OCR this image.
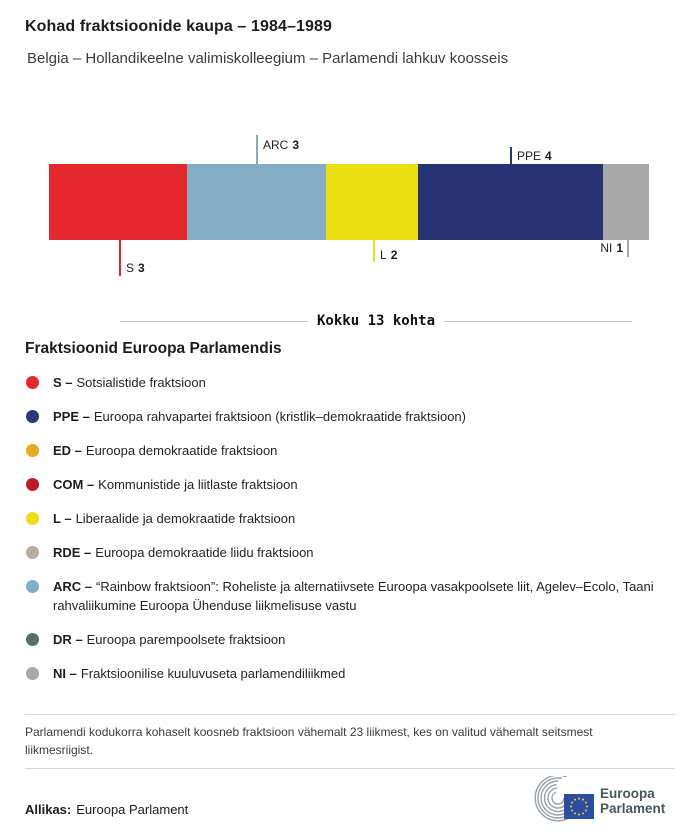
Kohad fraktsioonide kaupa – 1984–1989
Belgia – Hollandikeelne valimiskolleegium – Parlamendi lahkuv koosseis
ARC 3
PPE 4
S 3
L 2	NI 1
Kokku 13 kohta
Fraktsioonid Euroopa Parlamendis
S – Sotsialistide fraktsioon
PPE – Euroopa rahvapartei fraktsioon (kristlik–demokraatide fraktsioon)
ED – Euroopa demokraatide fraktsioon
COM – Kommunistide ja liitlaste fraktsioon
L – Liberaalide ja demokraatide fraktsioon
RDE – Euroopa demokraatide liidu fraktsioon
ARC – “Rainbow fraktsioon”: Roheliste ja alternatiivsete Euroopa vasakpoolsete liit, Agelev–Ecolo, Taani rahvaliikumine Euroopa Ühenduse liikmelisuse vastu
DR – Euroopa parempoolsete fraktsioon
NI – Fraktsioonilise kuuluvuseta parlamendiliikmed
Parlamendi kodukorra kohaselt koosneb fraktsioon vähemalt 23 liikmest, kes on valitud vähemalt seitsmest
liikmesriigist.
Allikas: Euroopa Parlament
Euroopa
Parlament
